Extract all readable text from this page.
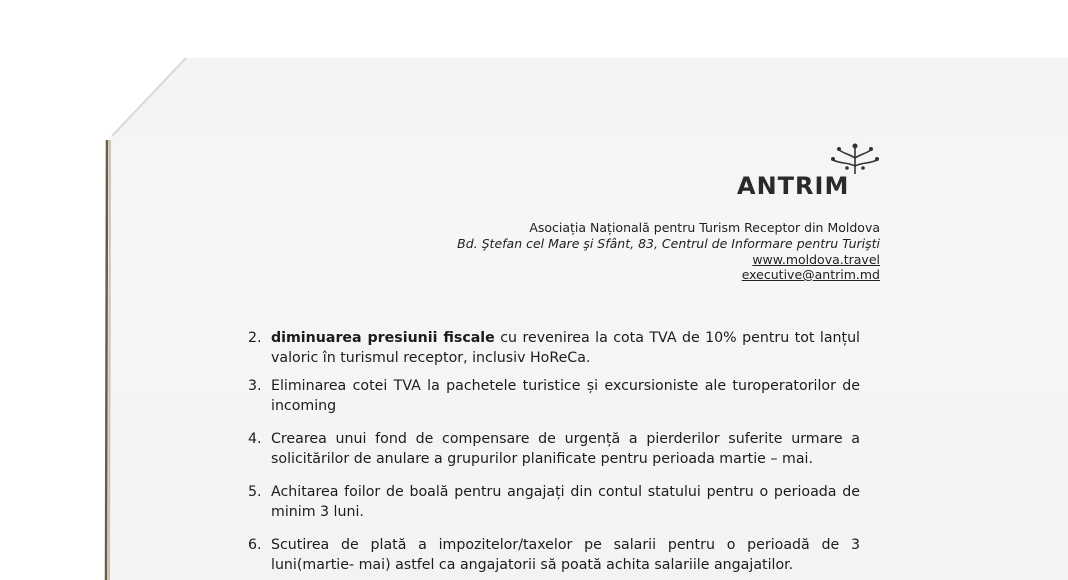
ANTRIM
Asociația Națională pentru Turism Receptor din Moldova
Bd. Ştefan cel Mare şi Sfânt, 83, Centrul de Informare pentru Turişti
www.moldova.travel
executive@antrim.md
2. diminuarea presiunii fiscale cu revenirea la cota TVA de 10% pentru tot lanțul valoric în turismul receptor, inclusiv HoReCa.
3. Eliminarea cotei TVA la pachetele turistice și excursioniste ale turoperatorilor de incoming
4. Crearea unui fond de compensare de urgență a pierderilor suferite urmare a solicitărilor de anulare a grupurilor planificate pentru perioada martie – mai.
5. Achitarea foilor de boală pentru angajați din contul statului pentru o perioada de minim 3 luni.
6. Scutirea de plată a impozitelor/taxelor pe salarii pentru o perioadă de 3 luni(martie- mai) astfel ca angajatorii să poată achita salariile angajatilor.
